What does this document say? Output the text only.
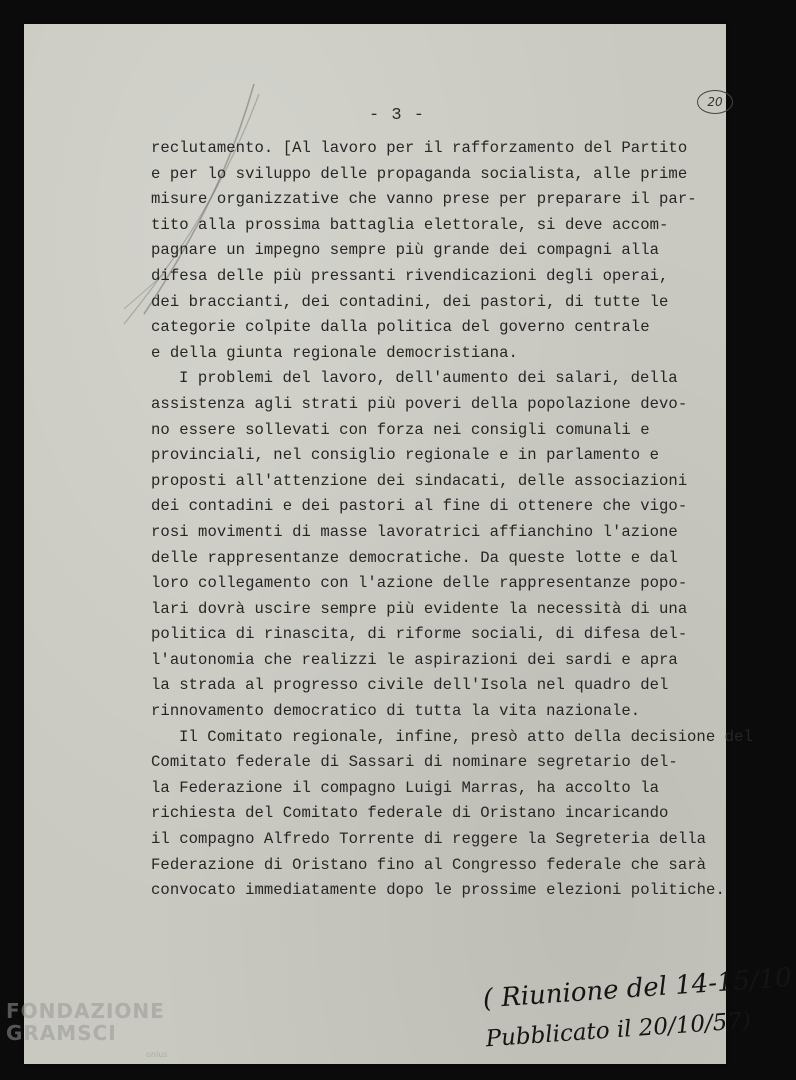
- 3 -
20

reclutamento. [Al lavoro per il rafforzamento del Partito
e per lo sviluppo delle propaganda socialista, alle prime
misure organizzative che vanno prese per preparare il par-
tito alla prossima battaglia elettorale, si deve accom-
pagnare un impegno sempre più grande dei compagni alla
difesa delle più pressanti rivendicazioni degli operai,
dei braccianti, dei contadini, dei pastori, di tutte le
categorie colpite dalla politica del governo centrale
e della giunta regionale democristiana.

I problemi del lavoro, dell'aumento dei salari, della
assistenza agli strati più poveri della popolazione devo-
no essere sollevati con forza nei consigli comunali e
provinciali, nel consiglio regionale e in parlamento e
proposti all'attenzione dei sindacati, delle associazioni
dei contadini e dei pastori al fine di ottenere che vigo-
rosi movimenti di masse lavoratrici affianchino l'azione
delle rappresentanze democratiche. Da queste lotte e dal
loro collegamento con l'azione delle rappresentanze popo-
lari dovrà uscire sempre più evidente la necessità di una
politica di rinascita, di riforme sociali, di difesa del-
l'autonomia che realizzi le aspirazioni dei sardi e apra
la strada al progresso civile dell'Isola nel quadro del
rinnovamento democratico di tutta la vita nazionale.

Il Comitato regionale, infine, presò atto della decisione del
Comitato federale di Sassari di nominare segretario del-
la Federazione il compagno Luigi Marras, ha accolto la
richiesta del Comitato federale di Oristano incaricando
il compagno Alfredo Torrente di reggere la Segreteria della
Federazione di Oristano fino al Congresso federale che sarà
convocato immediatamente dopo le prossime elezioni politiche.

( Riunione del 14-15/10
Pubblicato il 20/10/57)
FONDAZIONE
GRAMSCI
onlus
